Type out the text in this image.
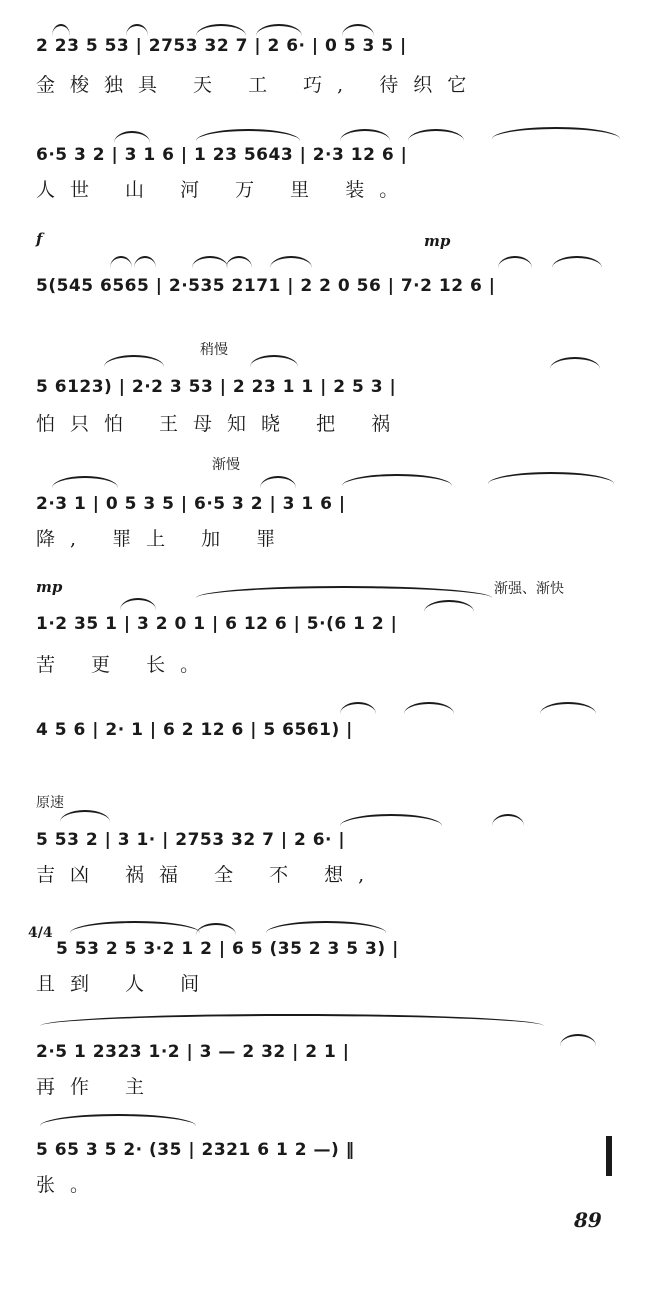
2 23 5 53 | 2753 32 7 | 2 6· | 0 5 3 5 |
金梭独具 天 工 巧, 待织它
6·5 3 2 | 3 1 6 | 1 23 5643 | 2·3 12 6 |
人世 山 河 万 里 装。
f	mp
5(545 6565 | 2·535 2171 | 2 2 0 56 | 7·2 12 6 |
稍慢
5 6123) | 2·2 3 53 | 2 23 1 1 | 2 5 3 |
怕只怕 王母知晓 把 祸
渐慢
2·3 1 | 0 5 3 5 | 6·5 3 2 | 3 1 6 |
降, 罪上 加 罪
mp	渐强、渐快
1·2 35 1 | 3 2 0 1 | 6 12 6 | 5·(6 1 2 |
苦 更 长。
4 5 6 | 2· 1 | 6 2 12 6 | 5 6561) |
原速
5 53 2 | 3 1· | 2753 32 7 | 2 6· |
吉凶 祸福 全 不 想,
4/4
5 53 2 5 3·2 1 2 | 6 5 (35 2 3 5 3) |
且到 人 间
2·5 1 2323 1·2 | 3 — 2 32 | 2 1 |
再作 主
5 65 3 5 2· (35 | 2321 6 1 2 —) ‖
张。
89
